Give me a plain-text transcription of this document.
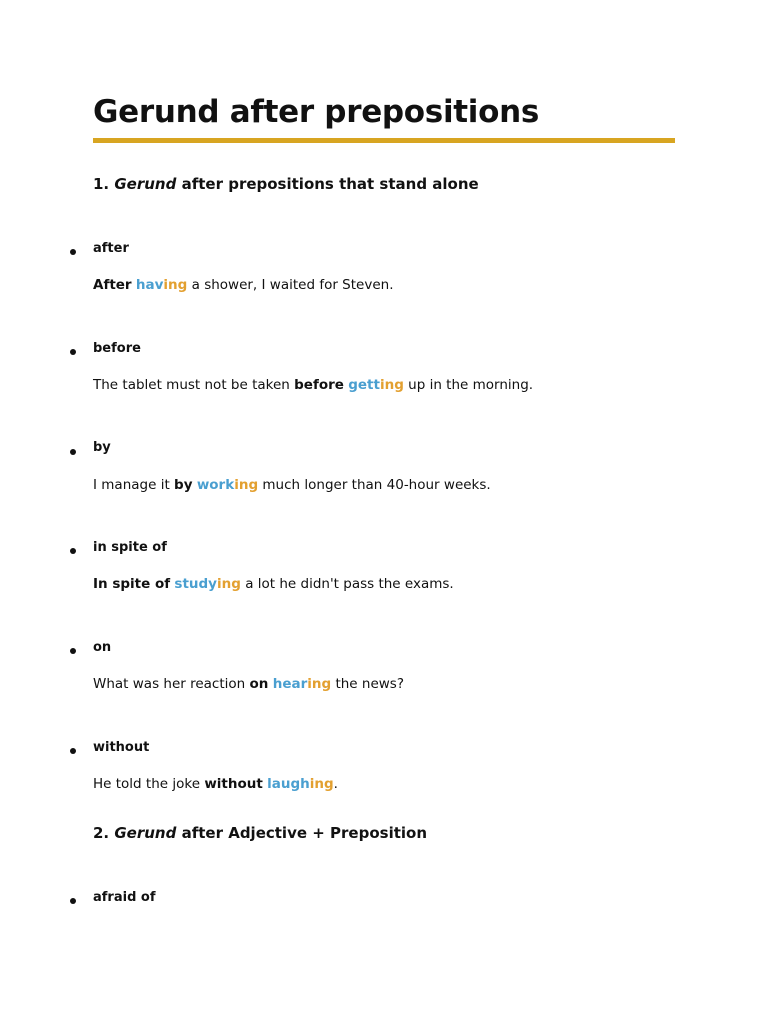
Gerund after prepositions
1. Gerund after prepositions that stand alone
after
After having a shower, I waited for Steven.
before
The tablet must not be taken before getting up in the morning.
by
I manage it by working much longer than 40-hour weeks.
in spite of
In spite of studying a lot he didn't pass the exams.
on
What was her reaction on hearing the news?
without
He told the joke without laughing.
2. Gerund after Adjective + Preposition
afraid of
